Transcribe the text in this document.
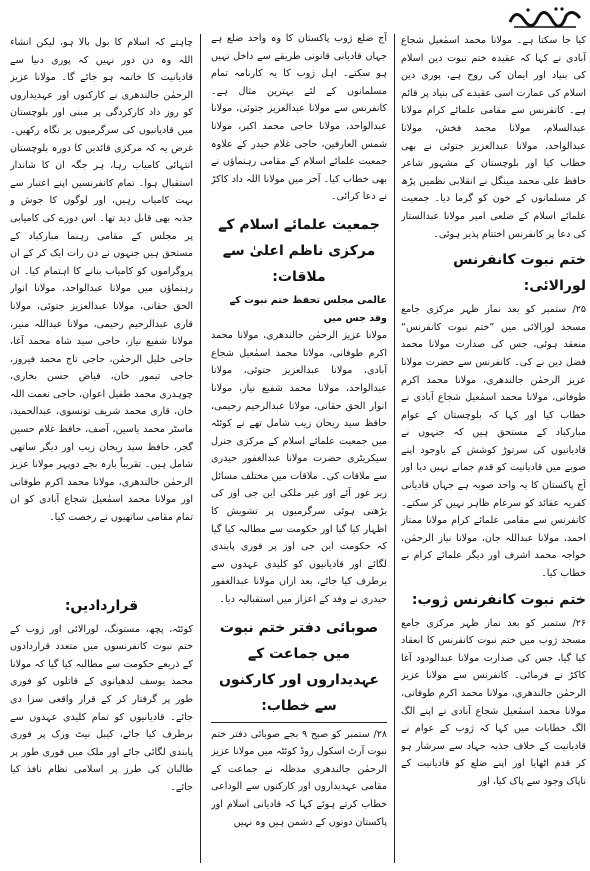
کیا جا سکتا ہے۔ مولانا محمد اسمٰعیل شجاع آبادی نے کہا کہ عقیدہ ختم نبوت دین اسلام کی بنیاد اور ایمان کی روح ہے، پوری دین اسلام کی عمارت اسی عقیدے کی بنیاد پر قائم ہے۔ کانفرنس سے مقامی علمائے کرام مولانا عبدالسلام، مولانا محمد فخش، مولانا عبدالواحد، مولانا عبدالعزیز جتوئی نے بھی خطاب کیا اور بلوچستان کے مشہور شاعر حافظ علی محمد مینگل نے انقلابی نظمیں پڑھ کر مسلمانوں کے خون کو گرما دیا۔ جمعیت علمائے اسلام کے ضلعی امیر مولانا عبدالستار کی دعا پر کانفرنس اختتام پذیر ہوئی۔

ختم نبوت کانفرنس لورالائی:

۲۵/ ستمبر کو بعد نماز ظہر مرکزی جامع مسجد لورالائی میں ”ختم نبوت کانفرنس“ منعقد ہوئی، جس کی صدارت مولانا محمد فضل دین نے کی۔ کانفرنس سے حضرت مولانا عزیز الرحمٰن جالندھری، مولانا محمد اکرم طوفانی، مولانا محمد اسمٰعیل شجاع آبادی نے خطاب کیا اور کہا کہ بلوچستان کے عوام مبارکباد کے مستحق ہیں کہ جنہوں نے قادیانیوں کی سرتوڑ کوشش کے باوجود اپنے صوبے میں قادیانیت کو قدم جمانے نہیں دیا اور آج پاکستان کا یہ واحد صوبہ ہے جہاں قادیانی کفریہ عقائد کو سرعام ظاہر نہیں کر سکتے۔ کانفرنس سے مقامی علمائے کرام مولانا ممتاز احمد، مولانا عبداللہ جان، مولانا نیاز الرحمٰن، خواجہ محمد اشرف اور دیگر علمائے کرام نے خطاب کیا۔

ختم نبوت کانفرنس ژوب:

۲۶/ ستمبر کو بعد نماز ظہر مرکزی جامع مسجد ژوب میں ختم نبوت کانفرنس کا انعقاد کیا گیا، جس کی صدارت مولانا عبدالودود آغا کاکڑ نے فرمائی۔ کانفرنس سے مولانا عزیز الرحمٰن جالندھری، مولانا محمد اکرم طوفانی، مولانا محمد اسمٰعیل شجاع آبادی نے اپنے الگ الگ خطابات میں کہا کہ ژوب کے عوام نے قادیانیت کے خلاف جذبہ جہاد سے سرشار ہو کر قدم اٹھایا اور اپنے ضلع کو قادیانیت کے ناپاک وجود سے پاک کیا، اور

آج ضلع ژوب پاکستان کا وہ واحد ضلع ہے جہاں قادیانی قانونی طریقے سے داخل نہیں ہو سکتے۔ اہل ژوب کا یہ کارنامہ تمام مسلمانوں کے لئے بہترین مثال ہے۔ کانفرنس سے مولانا عبدالعزیز جتوئی، مولانا عبدالواحد، مولانا حاجی محمد اکبر، مولانا شمس العارفین، حاجی غلام حیدر کے علاوہ جمعیت علمائے اسلام کے مقامی رہنماؤں نے بھی خطاب کیا۔ آخر میں مولانا اللہ داد کاکڑ نے دعا کرائی۔

جمعیت علمائے اسلام کے مرکزی ناظم اعلیٰ سے ملاقات:

عالمی مجلس تحفظ ختم نبوت کے وفد جس میں

مولانا عزیز الرحمٰن جالندھری، مولانا محمد اکرم طوفانی، مولانا محمد اسمٰعیل شجاع آبادی، مولانا عبدالعزیز جتوئی، مولانا عبدالواحد، مولانا محمد شفیع نیاز، مولانا انوار الحق حقانی، مولانا عبدالرحیم رحیمی، حافظ سید ریحان زیب شامل تھے نے کوئٹہ میں جمعیت علمائے اسلام کے مرکزی جنرل سیکریٹری حضرت مولانا عبدالغفور حیدری سے ملاقات کی۔ ملاقات میں مختلف مسائل زیر غور آئے اور غیر ملکی این جی اوز کی بڑھتی ہوئی سرگرمیوں پر تشویش کا اظہار کیا گیا اور حکومت سے مطالبہ کیا گیا کہ حکومت این جی اوز پر فوری پابندی لگائے اور قادیانیوں کو کلیدی عہدوں سے برطرف کیا جائے، بعد ازاں مولانا عبدالغفور حیدری نے وفد کے اعزاز میں استقبالیہ دیا۔

صوبائی دفتر ختم نبوت میں جماعت کے عہدیداروں اور کارکنوں سے خطاب:

۲۸/ ستمبر کو صبح ۹ بجے صوبائی دفتر ختم نبوت آرٹ اسکول روڈ کوئٹہ میں مولانا عزیز الرحمٰن جالندھری مدظلہ نے جماعت کے مقامی عہدیداروں اور کارکنوں سے الوداعی خطاب کرتے ہوئے کہا کہ قادیانی اسلام اور پاکستان دونوں کے دشمن ہیں وہ نہیں

چاہتے کہ اسلام کا بول بالا ہو، لیکن انشاء اللہ وہ دن دور نہیں کہ پوری دنیا سے قادیانیت کا خاتمہ ہو جائے گا۔ مولانا عزیز الرحمٰن جالندھری نے کارکنوں اور عہدیداروں کو روز داد کارکردگی پر مبنی اور بلوچستان میں قادیانیوں کی سرگرمیوں پر نگاہ رکھیں۔ غرض یہ کہ مرکزی قائدین کا دورہ بلوچستان انتہائی کامیاب رہا، ہر جگہ ان کا شاندار استقبال ہوا۔ تمام کانفرنسیں اپنے اعتبار سے بہت کامیاب رہیں، اور لوگوں کا جوش و جذبہ بھی قابل دید تھا۔ اس دورے کی کامیابی پر مجلس کے مقامی رہنما مبارکباد کے مستحق ہیں جنہوں نے دن رات ایک کر کے ان پروگراموں کو کامیاب بنانے کا اہتمام کیا۔ ان رہنماؤں میں مولانا عبدالواحد، مولانا انوار الحق حقانی، مولانا عبدالعزیز جتوئی، مولانا قاری عبدالرحیم رحیمی، مولانا عبداللہ منیر، مولانا شفیع نیاز، حاجی سید شاہ محمد آغا، حاجی خلیل الرحمٰن، حاجی تاج محمد فیروز، حاجی تیمور خان، فیاض حسن بخاری، چوہدری محمد طفیل اعوان، حاجی نعمت اللہ خان، قاری محمد شریف تونسوی، عبدالحمید، ماسٹر محمد یاسین، آصف، حافظ غلام حسین گجر، حافظ سید ریحان زیب اور دیگر ساتھی شامل ہیں۔ تقریباً بارہ بجے دوپہر مولانا عزیز الرحمٰن جالندھری، مولانا محمد اکرم طوفانی اور مولانا محمد اسمٰعیل شجاع آبادی کو ان تمام مقامی ساتھیوں نے رخصت کیا۔

قراردادیں:

کوئٹہ، پچھ، مستونگ، لورالائی اور ژوب کے ختم نبوت کانفرنسوں میں متعدد قراردادوں کے ذریعے حکومت سے مطالبہ کیا گیا کہ مولانا محمد یوسف لدھیانوی کے قاتلوں کو فوری طور پر گرفتار کر کے قرار واقعی سزا دی جائے۔ قادیانیوں کو تمام کلیدی عہدوں سے برطرف کیا جائے، کیبل نیٹ ورک پر فوری پابندی لگائی جائے اور ملک میں فوری طور پر طالبان کی طرز پر اسلامی نظام نافذ کیا جائے۔
